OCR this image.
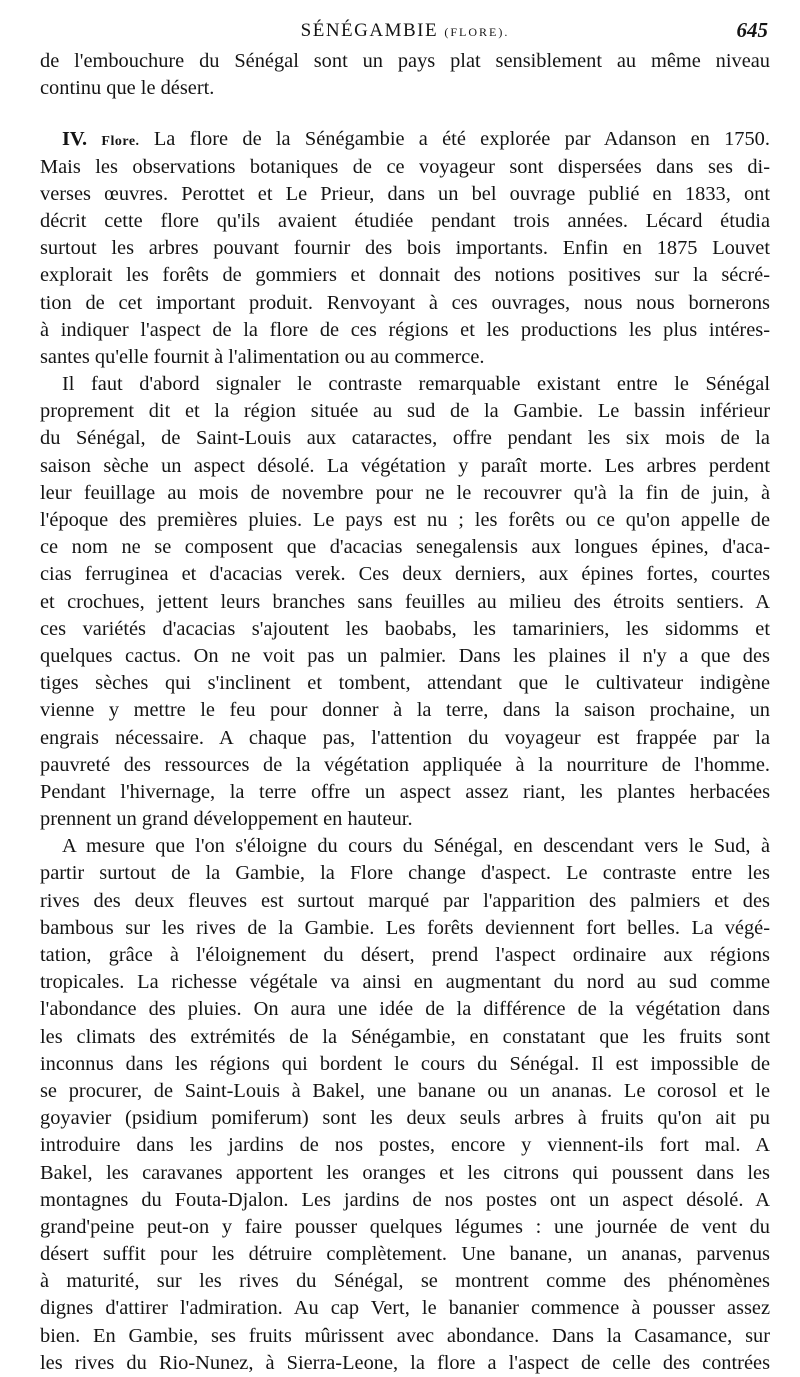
SÉNÉGAMBIE (FLORE).	645
de l'embouchure du Sénégal sont un pays plat sensiblement au même niveau
continu que le désert.
IV. Flore. La flore de la Sénégambie a été explorée par Adanson en 1750.
Mais les observations botaniques de ce voyageur sont dispersées dans ses di-
verses œuvres. Perottet et Le Prieur, dans un bel ouvrage publié en 1833, ont
décrit cette flore qu'ils avaient étudiée pendant trois années. Lécard étudia
surtout les arbres pouvant fournir des bois importants. Enfin en 1875 Louvet
explorait les forêts de gommiers et donnait des notions positives sur la sécré-
tion de cet important produit. Renvoyant à ces ouvrages, nous nous bornerons
à indiquer l'aspect de la flore de ces régions et les productions les plus intéres-
santes qu'elle fournit à l'alimentation ou au commerce.
Il faut d'abord signaler le contraste remarquable existant entre le Sénégal
proprement dit et la région située au sud de la Gambie. Le bassin inférieur
du Sénégal, de Saint-Louis aux cataractes, offre pendant les six mois de la
saison sèche un aspect désolé. La végétation y paraît morte. Les arbres perdent
leur feuillage au mois de novembre pour ne le recouvrer qu'à la fin de juin, à
l'époque des premières pluies. Le pays est nu ; les forêts ou ce qu'on appelle de
ce nom ne se composent que d'acacias senegalensis aux longues épines, d'aca-
cias ferruginea et d'acacias verek. Ces deux derniers, aux épines fortes, courtes
et crochues, jettent leurs branches sans feuilles au milieu des étroits sentiers. A
ces variétés d'acacias s'ajoutent les baobabs, les tamariniers, les sidomms et
quelques cactus. On ne voit pas un palmier. Dans les plaines il n'y a que des
tiges sèches qui s'inclinent et tombent, attendant que le cultivateur indigène
vienne y mettre le feu pour donner à la terre, dans la saison prochaine, un
engrais nécessaire. A chaque pas, l'attention du voyageur est frappée par la
pauvreté des ressources de la végétation appliquée à la nourriture de l'homme.
Pendant l'hivernage, la terre offre un aspect assez riant, les plantes herbacées
prennent un grand développement en hauteur.
A mesure que l'on s'éloigne du cours du Sénégal, en descendant vers le Sud, à
partir surtout de la Gambie, la Flore change d'aspect. Le contraste entre les
rives des deux fleuves est surtout marqué par l'apparition des palmiers et des
bambous sur les rives de la Gambie. Les forêts deviennent fort belles. La végé-
tation, grâce à l'éloignement du désert, prend l'aspect ordinaire aux régions
tropicales. La richesse végétale va ainsi en augmentant du nord au sud comme
l'abondance des pluies. On aura une idée de la différence de la végétation dans
les climats des extrémités de la Sénégambie, en constatant que les fruits sont
inconnus dans les régions qui bordent le cours du Sénégal. Il est impossible de
se procurer, de Saint-Louis à Bakel, une banane ou un ananas. Le corosol et le
goyavier (psidium pomiferum) sont les deux seuls arbres à fruits qu'on ait pu
introduire dans les jardins de nos postes, encore y viennent-ils fort mal. A
Bakel, les caravanes apportent les oranges et les citrons qui poussent dans les
montagnes du Fouta-Djalon. Les jardins de nos postes ont un aspect désolé. A
grand'peine peut-on y faire pousser quelques légumes : une journée de vent du
désert suffit pour les détruire complètement. Une banane, un ananas, parvenus
à maturité, sur les rives du Sénégal, se montrent comme des phénomènes
dignes d'attirer l'admiration. Au cap Vert, le bananier commence à pousser assez
bien. En Gambie, ses fruits mûrissent avec abondance. Dans la Casamance, sur
les rives du Rio-Nunez, à Sierra-Leone, la flore a l'aspect de celle des contrées
